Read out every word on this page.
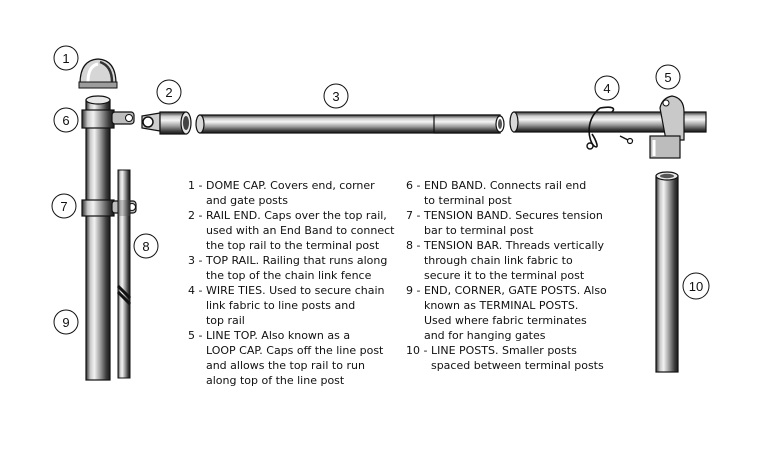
1
2	3
4
5
6
7
8
9
10
1 - DOME CAP. Covers end, corner
and gate posts
2 - RAIL END. Caps over the top rail,
used with an End Band to connect
the top rail to the terminal post
3 - TOP RAIL. Railing that runs along
the top of the chain link fence
4 - WIRE TIES. Used to secure chain
link fabric to line posts and
top rail
5 - LINE TOP. Also known as a
LOOP CAP. Caps off the line post
and allows the top rail to run
along top of the line post
6 - END BAND. Connects rail end
to terminal post
7 - TENSION BAND. Secures tension
bar to terminal post
8 - TENSION BAR. Threads vertically
through chain link fabric to
secure it to the terminal post
9 - END, CORNER, GATE POSTS. Also
known as TERMINAL POSTS.
Used where fabric terminates
and for hanging gates
10 - LINE POSTS. Smaller posts
spaced between terminal posts
